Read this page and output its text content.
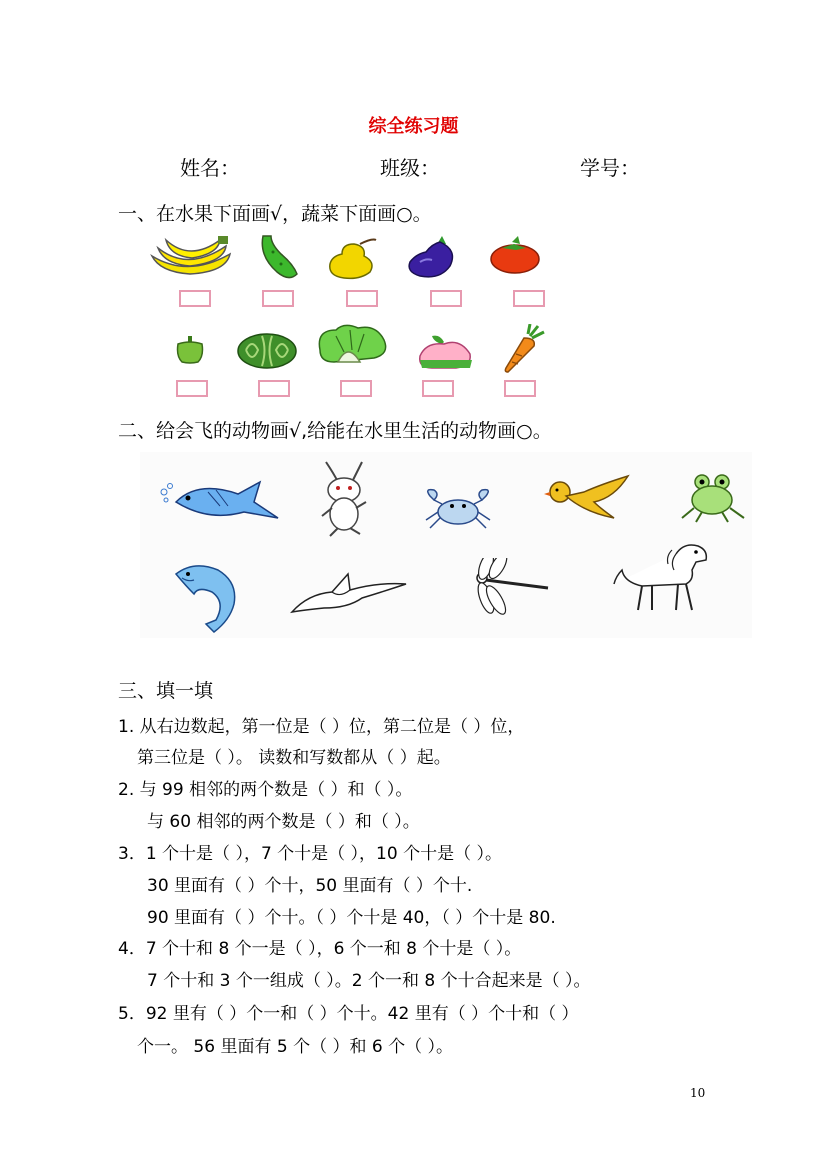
综全练习题
姓名：	班级：	学号：
一、在水果下面画√，蔬菜下面画○。
二、给会飞的动物画√,给能在水里生活的动物画○。
三、填一填
1. 从右边数起，第一位是（ ）位，第二位是（ ）位，
第三位是（ ）。 读数和写数都从（ ）起。
2. 与 99 相邻的两个数是（ ）和（ ）。
与 60 相邻的两个数是（ ）和（ ）。
3．1 个十是（ ），7 个十是（ ），10 个十是（ ）。
30 里面有（ ）个十，50 里面有（ ）个十.
90 里面有（ ）个十。（ ）个十是 40，（ ）个十是 80.
4．7 个十和 8 个一是（ ），6 个一和 8 个十是（ ）。
7 个十和 3 个一组成（ ）。2 个一和 8 个十合起来是（ ）。
5．92 里有（ ）个一和（ ）个十。42 里有（ ）个十和（ ）
个一。 56 里面有 5 个（ ）和 6 个（ ）。
10
